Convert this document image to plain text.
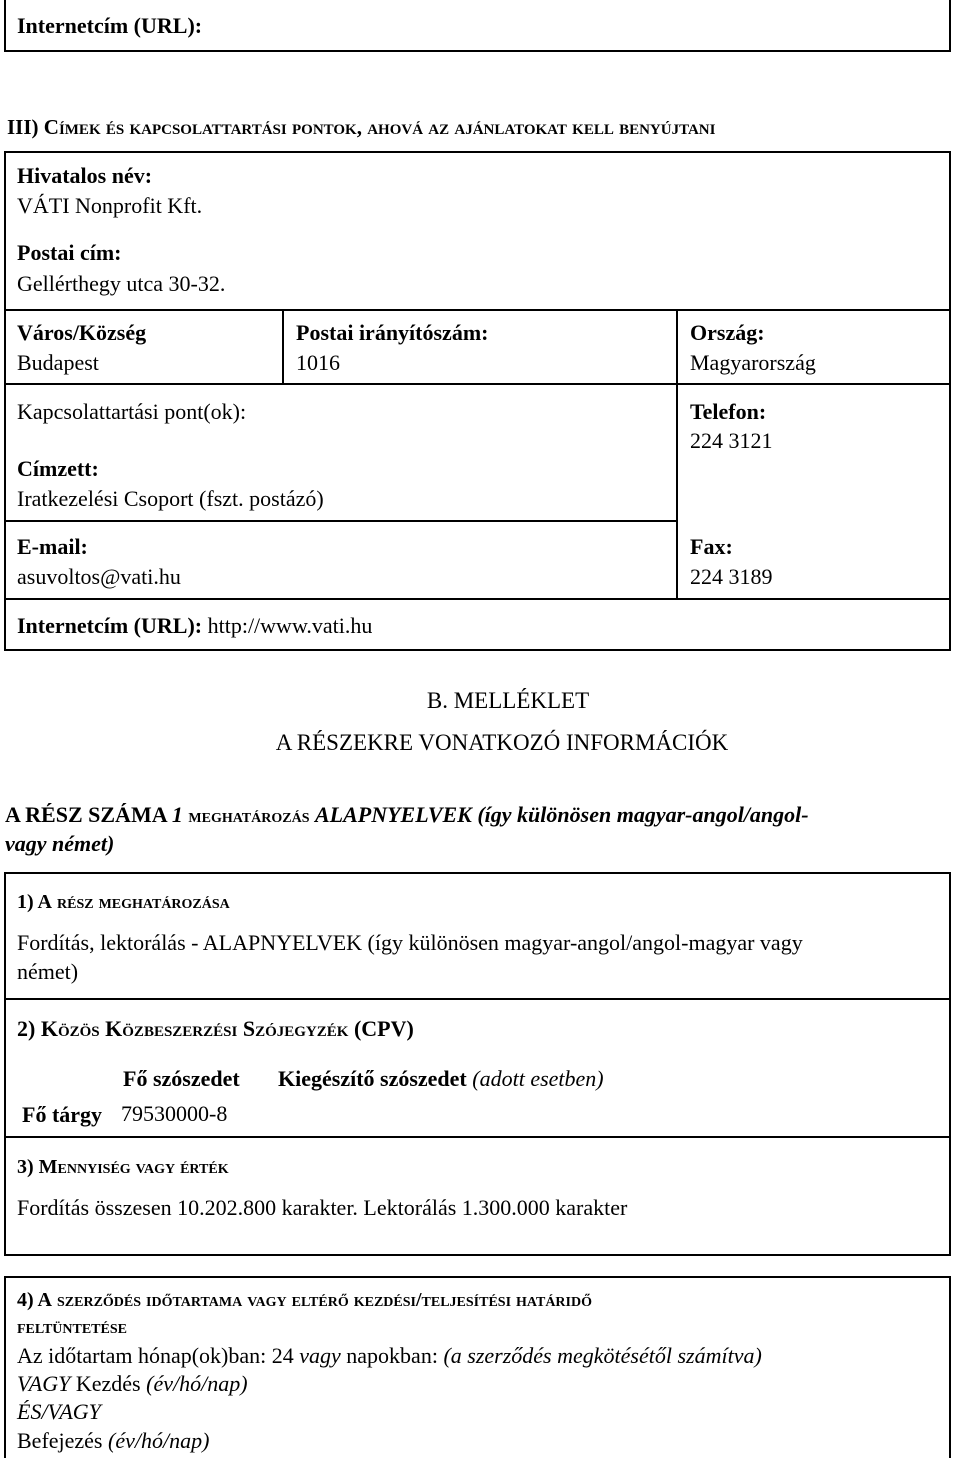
Internetcím (URL):
III) Címek és kapcsolattartási pontok, ahová az ajánlatokat kell benyújtani
Hivatalos név:
VÁTI Nonprofit Kft.
Postai cím:
Gellérthegy utca 30-32.
Város/Község
Budapest
Postai irányítószám:
1016
Ország:
Magyarország
Kapcsolattartási pont(ok):
Címzett:
Iratkezelési Csoport (fszt. postázó)
Telefon:
224 3121
E-mail:
asuvoltos@vati.hu
Fax:
224 3189
Internetcím (URL): http://www.vati.hu
B. MELLÉKLET
A RÉSZEKRE VONATKOZÓ INFORMÁCIÓK
A RÉSZ SZÁMA 1 meghatározás ALAPNYELVEK (így különösen magyar-angol/angol-
vagy német)
1) A rész meghatározása
Fordítás, lektorálás - ALAPNYELVEK (így különösen magyar-angol/angol-magyar vagy
német)
2) Közös Közbeszerzési Szójegyzék (CPV)
Fő szószedet Kiegészítő szószedet (adott esetben)
Fő tárgy 79530000-8
3) Mennyiség vagy érték
Fordítás összesen 10.202.800 karakter. Lektorálás 1.300.000 karakter
4) A szerződés időtartama vagy eltérő kezdési/teljesítési határidő
feltüntetése
Az időtartam hónap(ok)ban: 24 vagy napokban: (a szerződés megkötésétől számítva)
VAGY Kezdés (év/hó/nap)
ÉS/VAGY
Befejezés (év/hó/nap)
